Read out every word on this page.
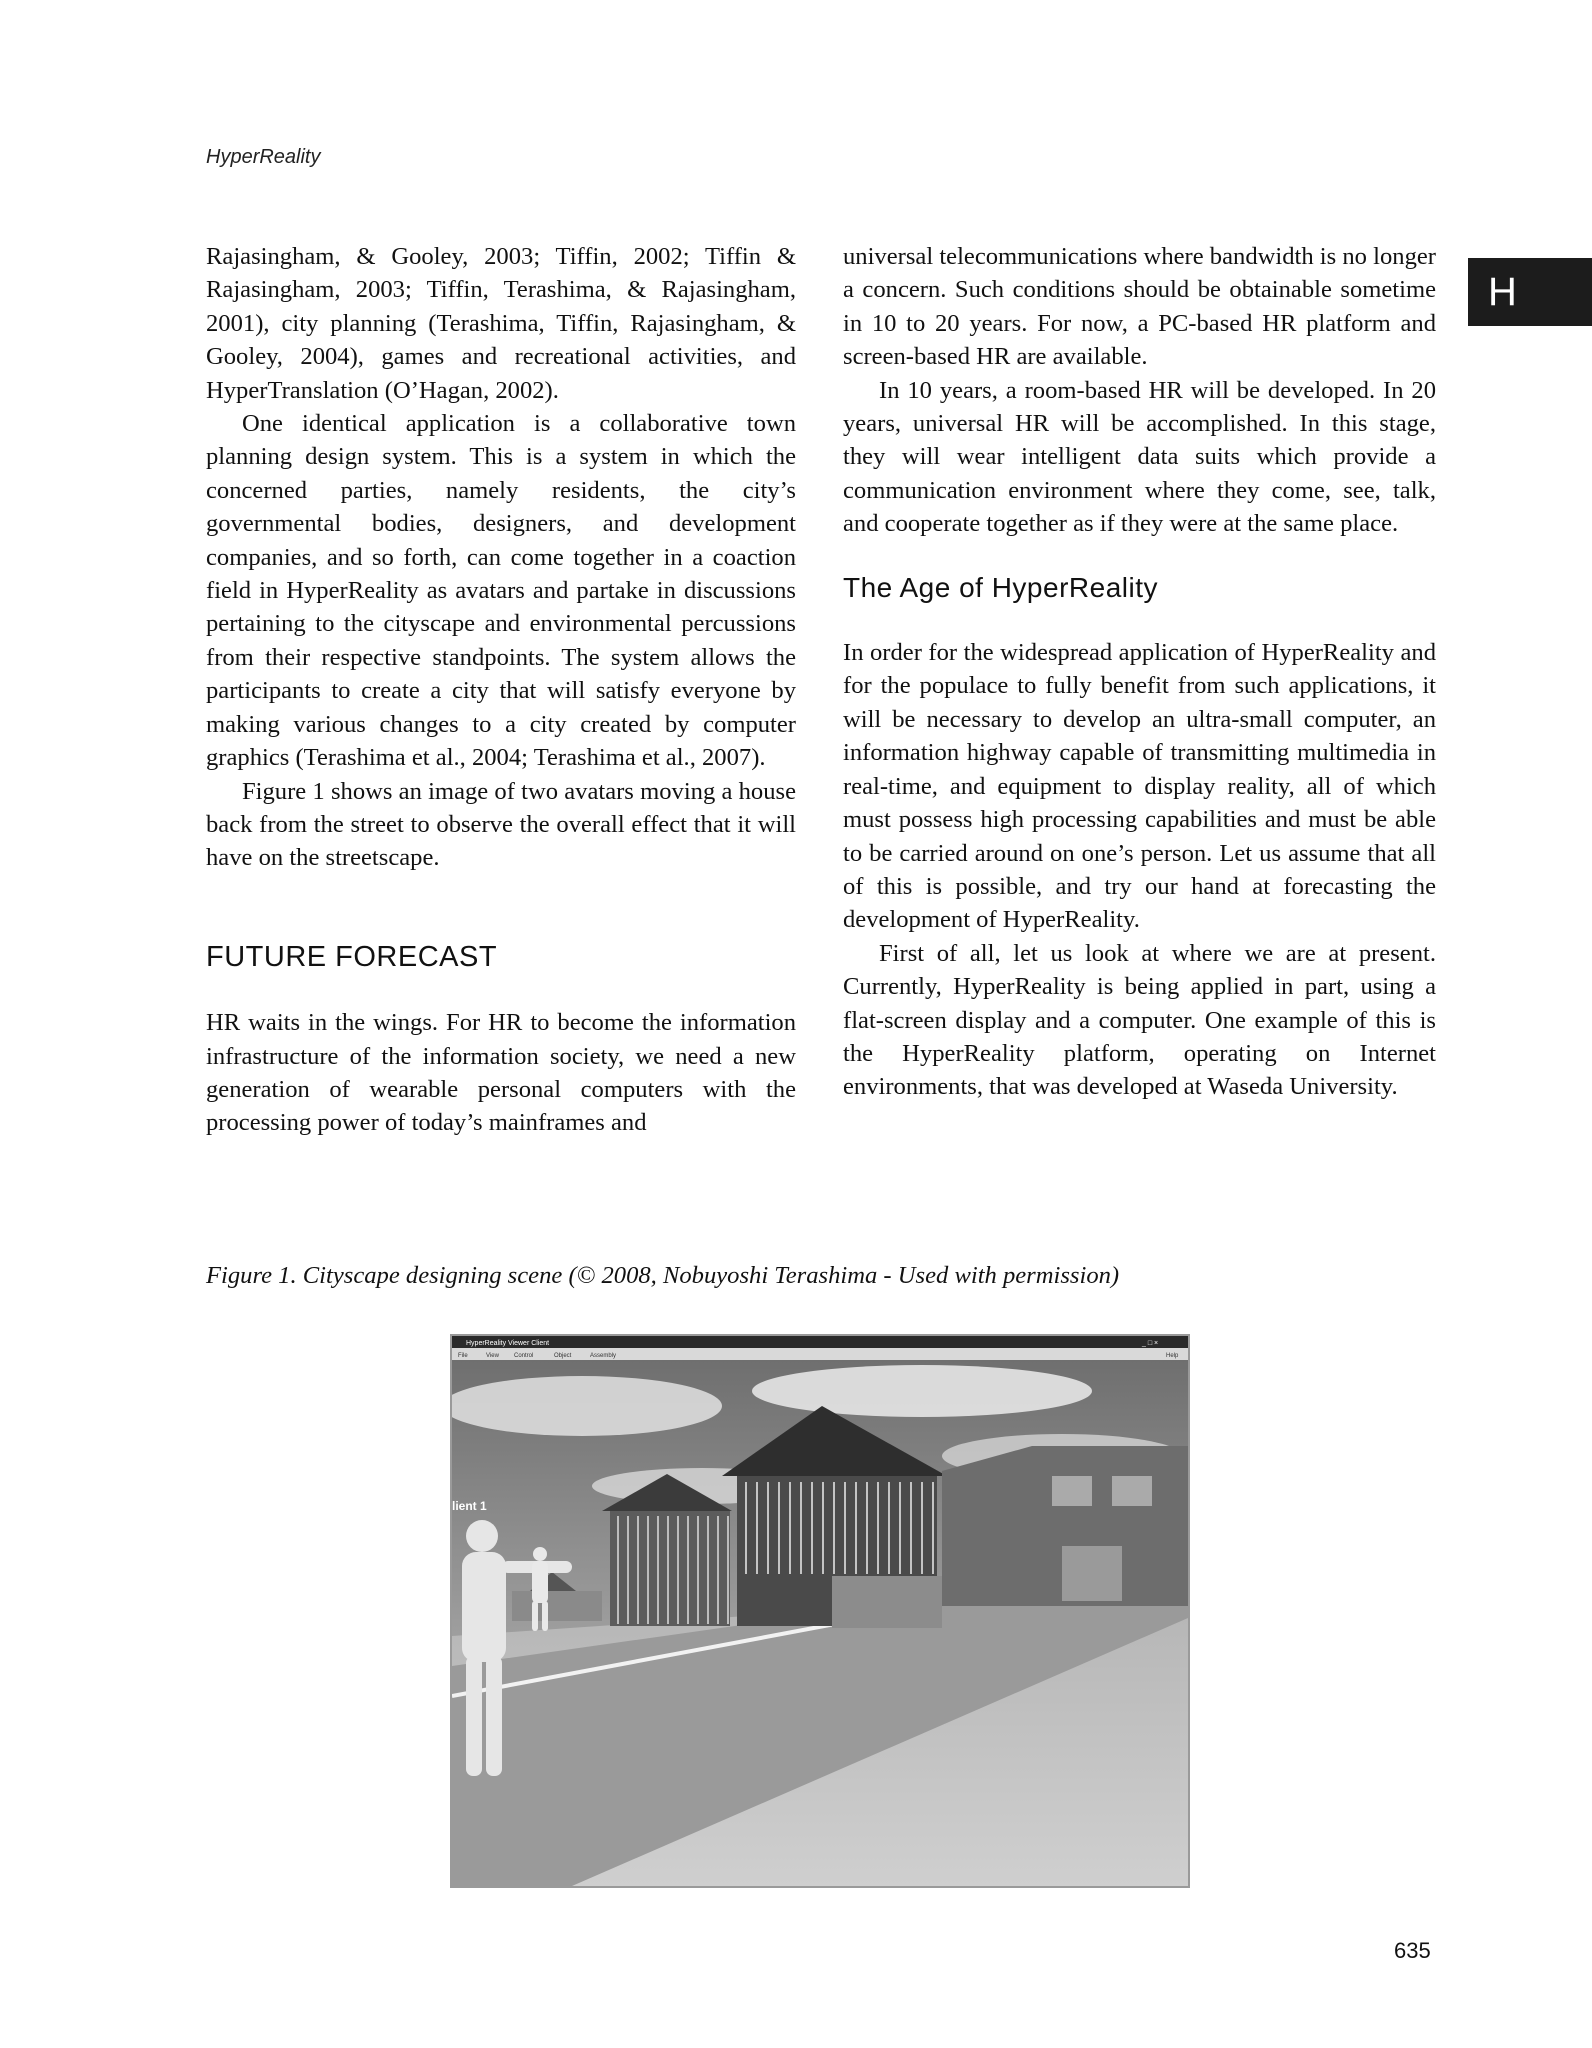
HyperReality
H

Rajasingham, & Gooley, 2003; Tiffin, 2002; Tiffin & Rajasingham, 2003; Tiffin, Terashima, & Rajasingham, 2001), city planning (Terashima, Tiffin, Rajasingham, & Gooley, 2004), games and recreational activities, and HyperTranslation (O’Hagan, 2002).

One identical application is a collaborative town planning design system. This is a system in which the concerned parties, namely residents, the city’s governmental bodies, designers, and development companies, and so forth, can come together in a coaction field in HyperReality as avatars and partake in discussions pertaining to the cityscape and environmental percussions from their respective standpoints. The system allows the participants to create a city that will satisfy everyone by making various changes to a city created by computer graphics (Terashima et al., 2004; Terashima et al., 2007).

Figure 1 shows an image of two avatars moving a house back from the street to observe the overall effect that it will have on the streetscape.

FUTURE FORECAST

HR waits in the wings. For HR to become the information infrastructure of the information society, we need a new generation of wearable personal computers with the processing power of today’s mainframes and

universal telecommunications where bandwidth is no longer a concern. Such conditions should be obtainable sometime in 10 to 20 years. For now, a PC-based HR platform and screen-based HR are available.

In 10 years, a room-based HR will be developed. In 20 years, universal HR will be accomplished. In this stage, they will wear intelligent data suits which provide a communication environment where they come, see, talk, and cooperate together as if they were at the same place.

The Age of HyperReality

In order for the widespread application of HyperReality and for the populace to fully benefit from such applications, it will be necessary to develop an ultra-small computer, an information highway capable of transmitting multimedia in real-time, and equipment to display reality, all of which must possess high processing capabilities and must be able to be carried around on one’s person. Let us assume that all of this is possible, and try our hand at forecasting the development of HyperReality.

First of all, let us look at where we are at present. Currently, HyperReality is being applied in part, using a flat-screen display and a computer. One example of this is the HyperReality platform, operating on Internet environments, that was developed at Waseda University.

Figure 1. Cityscape designing scene (© 2008, Nobuyoshi Terashima - Used with permission)
HyperReality Viewer Client	_ □ ×
File	View	Control	Object	Assembly	Help
lient 1
635
